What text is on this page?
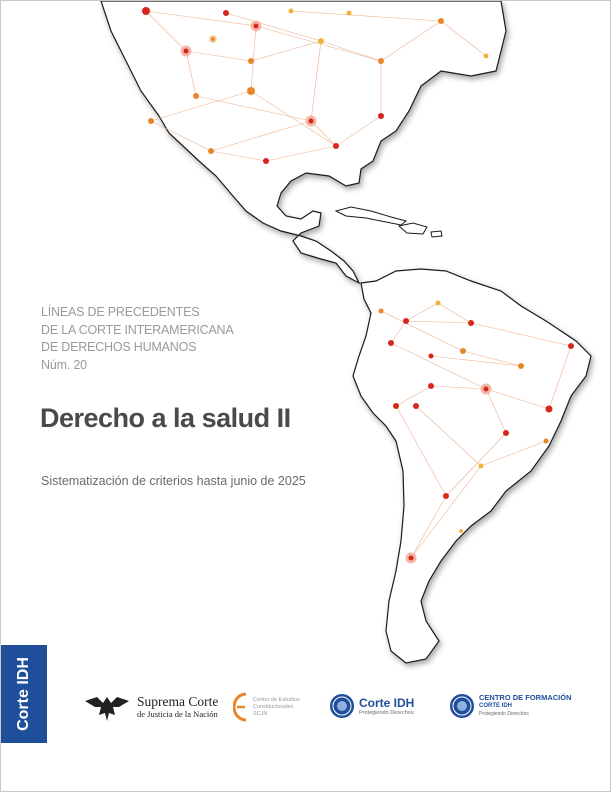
LÍNEAS DE PRECEDENTES
DE LA CORTE INTERAMERICANA
DE DERECHOS HUMANOS
Núm. 20
Derecho a la salud II
Sistematización de criterios hasta junio de 2025
Corte IDH	Suprema Corte
de Justicia de la Nación
Centro de Estudios
Constitucionales
SCJN
Corte IDH
Protegiendo Derechos
CENTRO DE FORMACIÓN
CORTE IDH
Protegiendo Derechos
